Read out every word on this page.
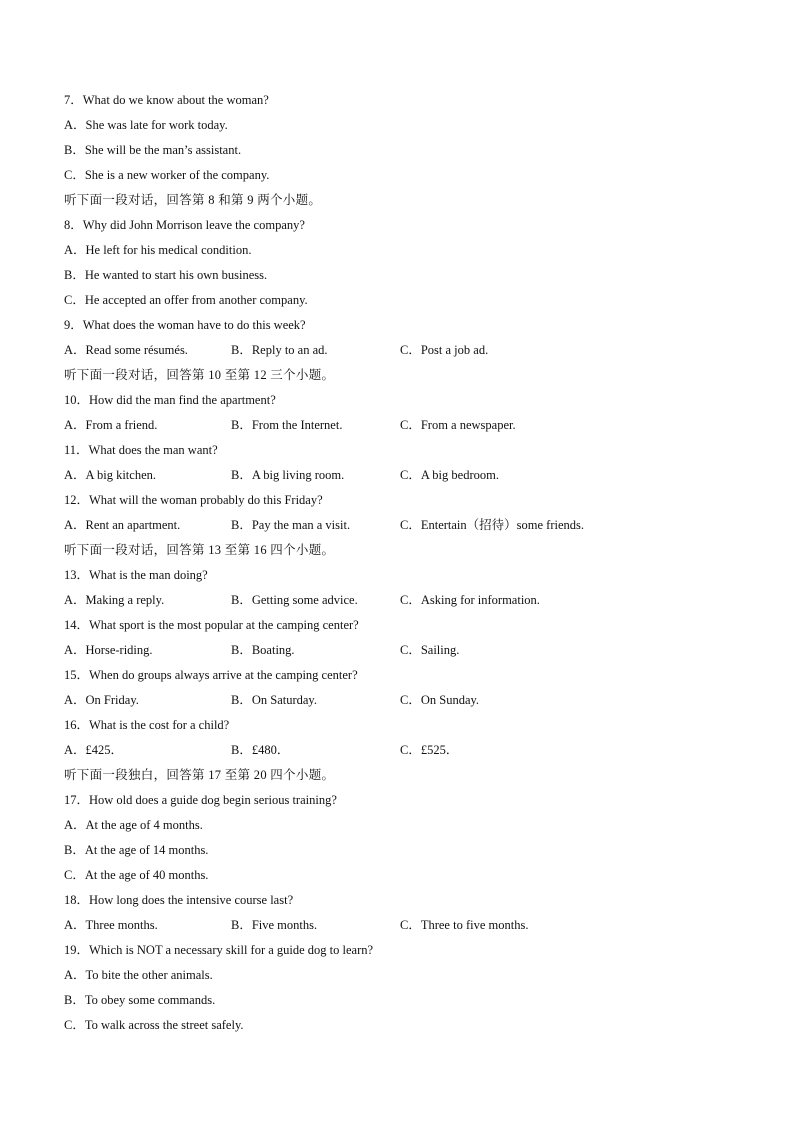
7．What do we know about the woman?
A．She was late for work today.
B．She will be the man’s assistant.
C．She is a new worker of the company.
听下面一段对话，回答第 8 和第 9 两个小题。
8．Why did John Morrison leave the company?
A．He left for his medical condition.
B．He wanted to start his own business.
C．He accepted an offer from another company.
9．What does the woman have to do this week?
A．Read some résumés.	B．Reply to an ad.	C．Post a job ad.
听下面一段对话，回答第 10 至第 12 三个小题。
10．How did the man find the apartment?
A．From a friend.	B．From the Internet.	C．From a newspaper.
11．What does the man want?
A．A big kitchen.	B．A big living room.	C．A big bedroom.
12．What will the woman probably do this Friday?
A．Rent an apartment.	B．Pay the man a visit.	C．Entertain（招待）some friends.
听下面一段对话，回答第 13 至第 16 四个小题。
13．What is the man doing?
A．Making a reply.	B．Getting some advice.	C．Asking for information.
14．What sport is the most popular at the camping center?
A．Horse-riding.	B．Boating.	C．Sailing.
15．When do groups always arrive at the camping center?
A．On Friday.	B．On Saturday.	C．On Sunday.
16．What is the cost for a child?
A．£425．	B．£480．	C．£525．
听下面一段独白，回答第 17 至第 20 四个小题。
17．How old does a guide dog begin serious training?
A．At the age of 4 months.
B．At the age of 14 months.
C．At the age of 40 months.
18．How long does the intensive course last?
A．Three months.	B．Five months.	C．Three to five months.
19．Which is NOT a necessary skill for a guide dog to learn?
A．To bite the other animals.
B．To obey some commands.
C．To walk across the street safely.
